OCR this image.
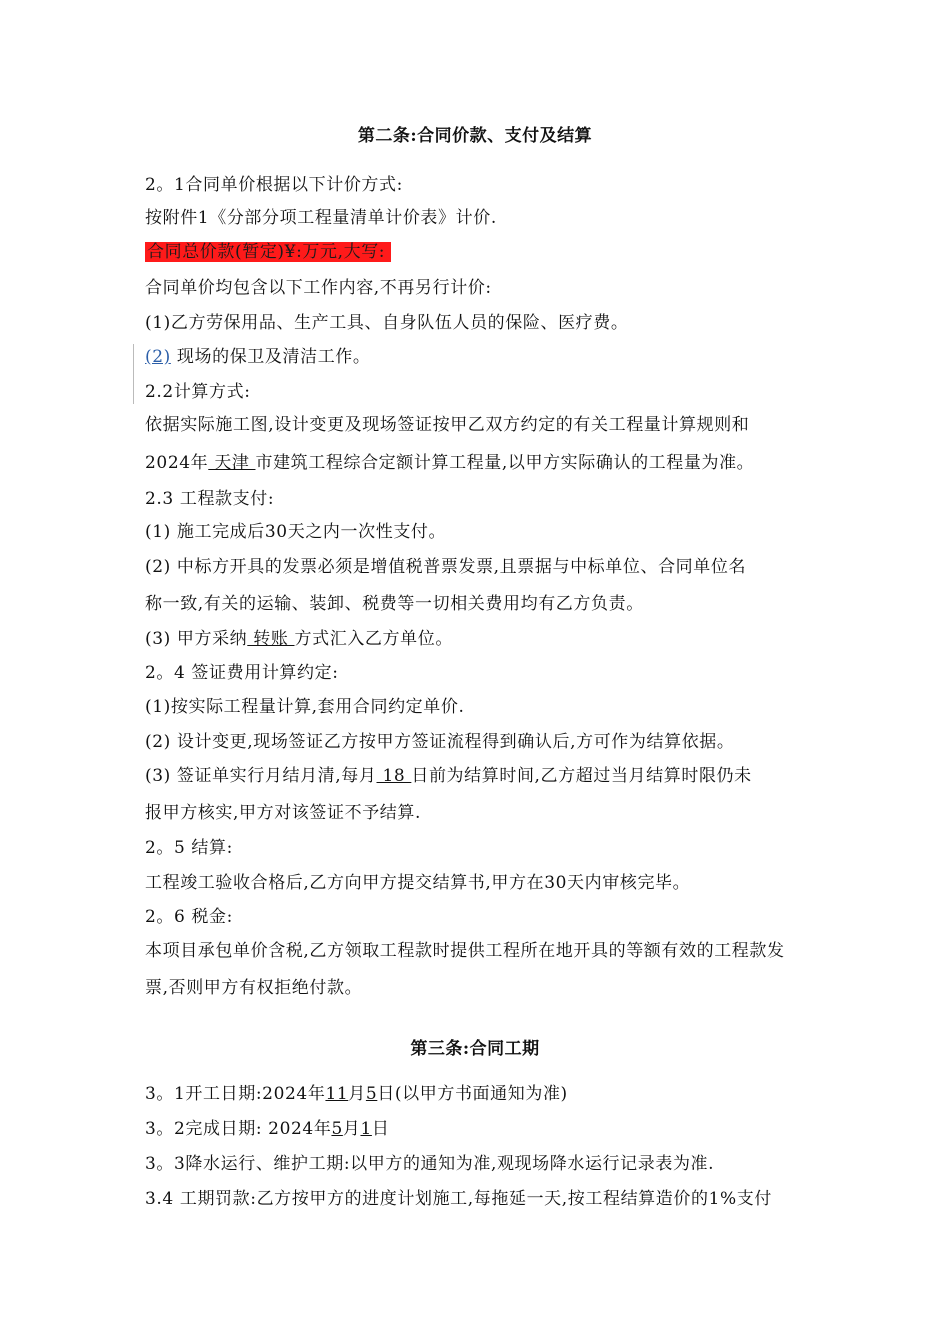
第二条:合同价款、支付及结算
2。1合同单价根据以下计价方式:
按附件1《分部分项工程量清单计价表》计价.
合同总价款(暂定)¥:万元,大写:
合同单价均包含以下工作内容,不再另行计价:
(1)乙方劳保用品、生产工具、自身队伍人员的保险、医疗费。
(2) 现场的保卫及清洁工作。
2.2计算方式:
依据实际施工图,设计变更及现场签证按甲乙双方约定的有关工程量计算规则和
2024年 天津 市建筑工程综合定额计算工程量,以甲方实际确认的工程量为准。
2.3 工程款支付:
(1) 施工完成后30天之内一次性支付。
(2) 中标方开具的发票必须是增值税普票发票,且票据与中标单位、合同单位名
称一致,有关的运输、装卸、税费等一切相关费用均有乙方负责。
(3) 甲方采纳 转账 方式汇入乙方单位。
2。4 签证费用计算约定:
(1)按实际工程量计算,套用合同约定单价.
(2) 设计变更,现场签证乙方按甲方签证流程得到确认后,方可作为结算依据。
(3) 签证单实行月结月清,每月 18 日前为结算时间,乙方超过当月结算时限仍未
报甲方核实,甲方对该签证不予结算.
2。5 结算:
工程竣工验收合格后,乙方向甲方提交结算书,甲方在30天内审核完毕。
2。6 税金:
本项目承包单价含税,乙方领取工程款时提供工程所在地开具的等额有效的工程款发
票,否则甲方有权拒绝付款。
第三条:合同工期
3。1开工日期:2024年11月5日(以甲方书面通知为准)
3。2完成日期: 2024年5月1日
3。3降水运行、维护工期:以甲方的通知为准,观现场降水运行记录表为准.
3.4 工期罚款:乙方按甲方的进度计划施工,每拖延一天,按工程结算造价的1%支付
